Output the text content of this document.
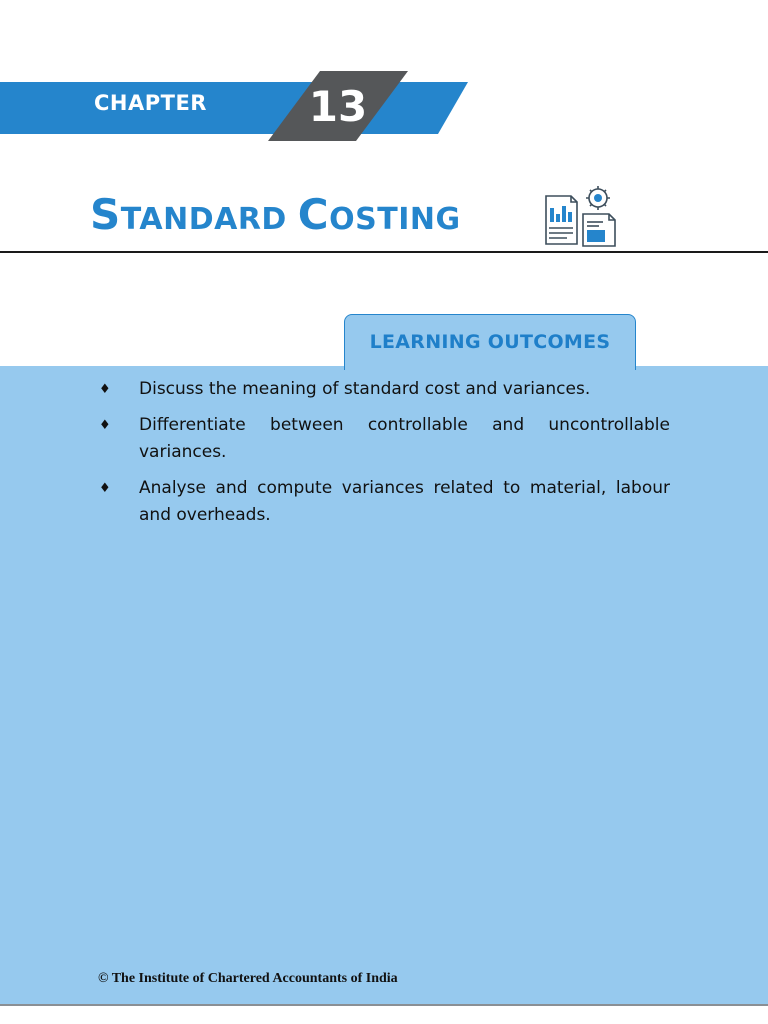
CHAPTER	13
STANDARD COSTING
LEARNING OUTCOMES
♦ Discuss the meaning of standard cost and variances.
♦ Differentiate between controllable and uncontrollable variances.
♦ Analyse and compute variances related to material, labour and overheads.
© The Institute of Chartered Accountants of India
